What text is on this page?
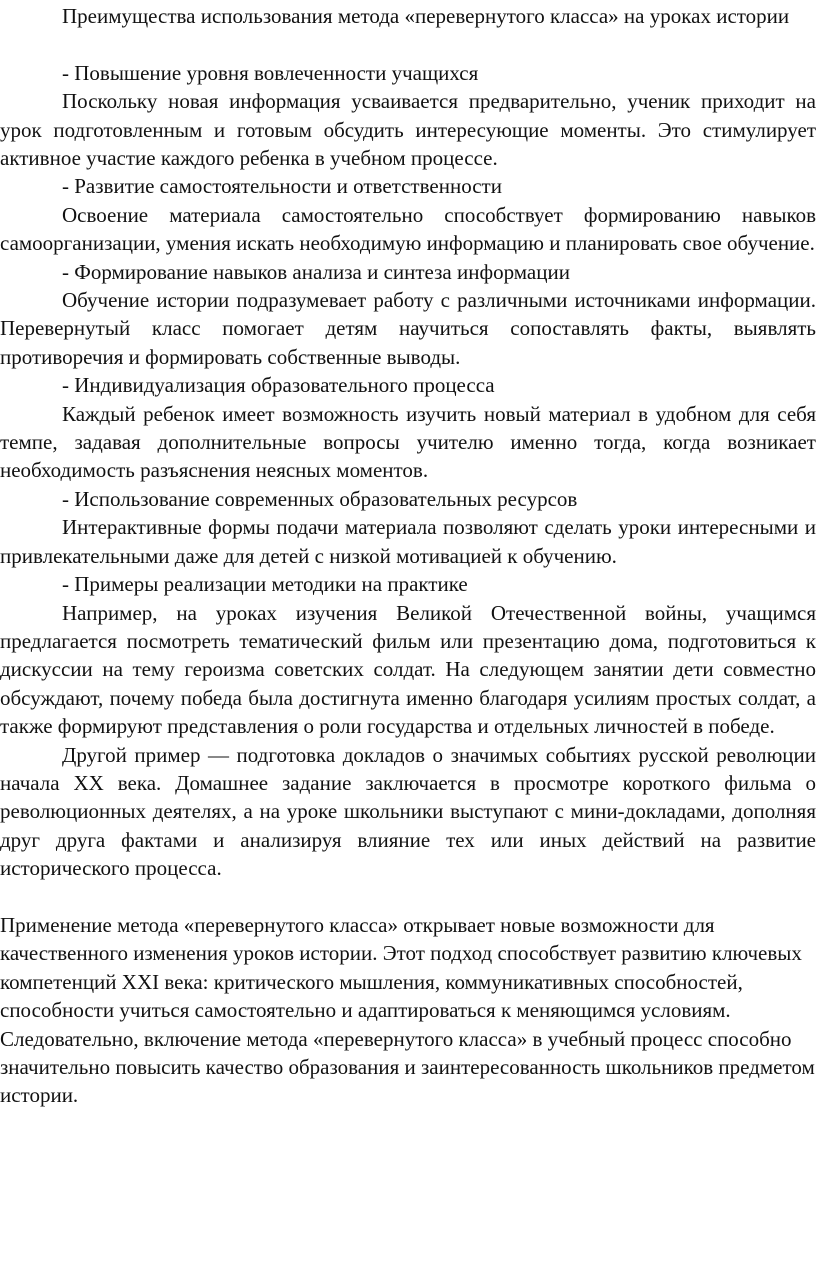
Преимущества использования метода «перевернутого класса» на уроках истории

- Повышение уровня вовлеченности учащихся

Поскольку новая информация усваивается предварительно, ученик приходит на урок подготовленным и готовым обсудить интересующие моменты. Это стимулирует активное участие каждого ребенка в учебном процессе.

- Развитие самостоятельности и ответственности

Освоение материала самостоятельно способствует формированию навыков самоорганизации, умения искать необходимую информацию и планировать свое обучение.

- Формирование навыков анализа и синтеза информации

Обучение истории подразумевает работу с различными источниками информации. Перевернутый класс помогает детям научиться сопоставлять факты, выявлять противоречия и формировать собственные выводы.

- Индивидуализация образовательного процесса

Каждый ребенок имеет возможность изучить новый материал в удобном для себя темпе, задавая дополнительные вопросы учителю именно тогда, когда возникает необходимость разъяснения неясных моментов.

- Использование современных образовательных ресурсов

Интерактивные формы подачи материала позволяют сделать уроки интересными и привлекательными даже для детей с низкой мотивацией к обучению.

- Примеры реализации методики на практике

Например, на уроках изучения Великой Отечественной войны, учащимся предлагается посмотреть тематический фильм или презентацию дома, подготовиться к дискуссии на тему героизма советских солдат. На следующем занятии дети совместно обсуждают, почему победа была достигнута именно благодаря усилиям простых солдат, а также формируют представления о роли государства и отдельных личностей в победе.

Другой пример — подготовка докладов о значимых событиях русской революции начала XX века. Домашнее задание заключается в просмотре короткого фильма о революционных деятелях, а на уроке школьники выступают с мини-докладами, дополняя друг друга фактами и анализируя влияние тех или иных действий на развитие исторического процесса.

Применение метода «перевернутого класса» открывает новые возможности для качественного изменения уроков истории. Этот подход способствует развитию ключевых компетенций XXI века: критического мышления, коммуникативных способностей, способности учиться самостоятельно и адаптироваться к меняющимся условиям. Следовательно, включение метода «перевернутого класса» в учебный процесс способно значительно повысить качество образования и заинтересованность школьников предметом истории.
